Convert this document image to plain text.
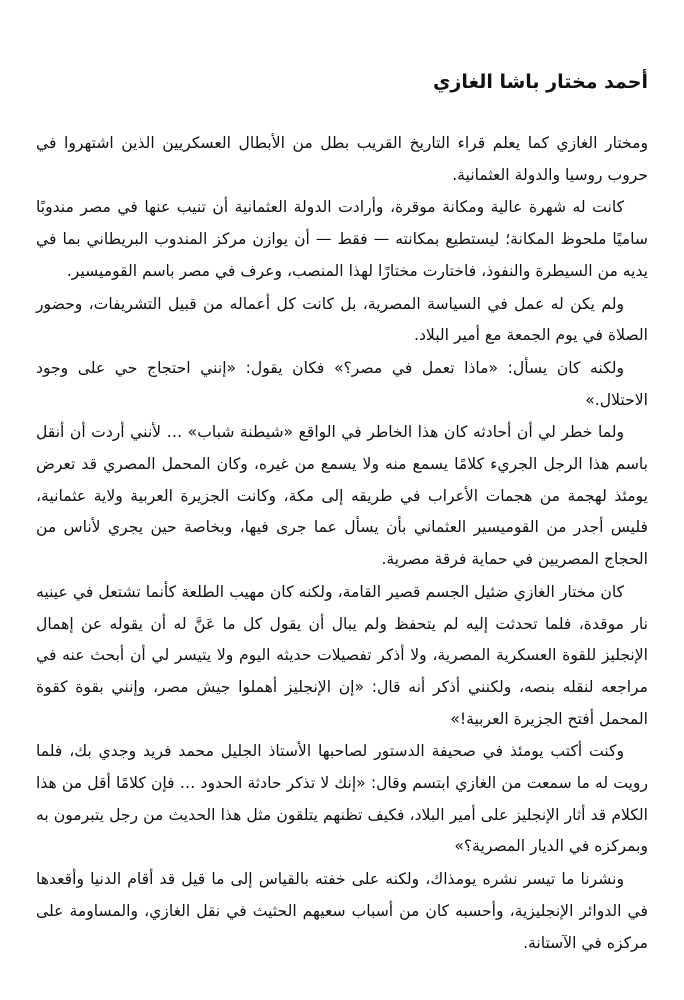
أحمد مختار باشا الغازي

ومختار الغازي كما يعلم قراء التاريخ القريب بطل من الأبطال العسكريين الذين اشتهروا في حروب روسيا والدولة العثمانية.

كانت له شهرة عالية ومكانة موقرة، وأرادت الدولة العثمانية أن تنيب عنها في مصر مندوبًا ساميًا ملحوظ المكانة؛ ليستطيع بمكانته — فقط — أن يوازن مركز المندوب البريطاني بما في يديه من السيطرة والنفوذ، فاختارت مختارًا لهذا المنصب، وعرف في مصر باسم القوميسير.

ولم يكن له عمل في السياسة المصرية، بل كانت كل أعماله من قبيل التشريفات، وحضور الصلاة في يوم الجمعة مع أمير البلاد.

ولكنه كان يسأل: «ماذا تعمل في مصر؟» فكان يقول: «إنني احتجاج حي على وجود الاحتلال.»

ولما خطر لي أن أحادثه كان هذا الخاطر في الواقع «شيطنة شباب» … لأنني أردت أن أنقل باسم هذا الرجل الجريء كلامًا يسمع منه ولا يسمع من غيره، وكان المحمل المصري قد تعرض يومئذ لهجمة من هجمات الأعراب في طريقه إلى مكة، وكانت الجزيرة العربية ولاية عثمانية، فليس أجدر من القوميسير العثماني بأن يسأل عما جرى فيها، وبخاصة حين يجري لأناس من الحجاج المصريين في حماية فرقة مصرية.

كان مختار الغازي ضئيل الجسم قصير القامة، ولكنه كان مهيب الطلعة كأنما تشتعل في عينيه نار موقدة، فلما تحدثت إليه لم يتحفظ ولم يبال أن يقول كل ما عَنَّ له أن يقوله عن إهمال الإنجليز للقوة العسكرية المصرية، ولا أذكر تفصيلات حديثه اليوم ولا يتيسر لي أن أبحث عنه في مراجعه لنقله بنصه، ولكنني أذكر أنه قال: «إن الإنجليز أهملوا جيش مصر، وإنني بقوة كقوة المحمل أفتح الجزيرة العربية!»

وكنت أكتب يومئذ في صحيفة الدستور لصاحبها الأستاذ الجليل محمد فريد وجدي بك، فلما رويت له ما سمعت من الغازي ابتسم وقال: «إنك لا تذكر حادثة الحدود … فإن كلامًا أقل من هذا الكلام قد أثار الإنجليز على أمير البلاد، فكيف تظنهم يتلقون مثل هذا الحديث من رجل يتبرمون به وبمركزه في الديار المصرية؟»

ونشرنا ما تيسر نشره يومذاك، ولكنه على خفته بالقياس إلى ما قيل قد أقام الدنيا وأقعدها في الدوائر الإنجليزية، وأحسبه كان من أسباب سعيهم الحثيث في نقل الغازي، والمساومة على مركزه في الآستانة.
